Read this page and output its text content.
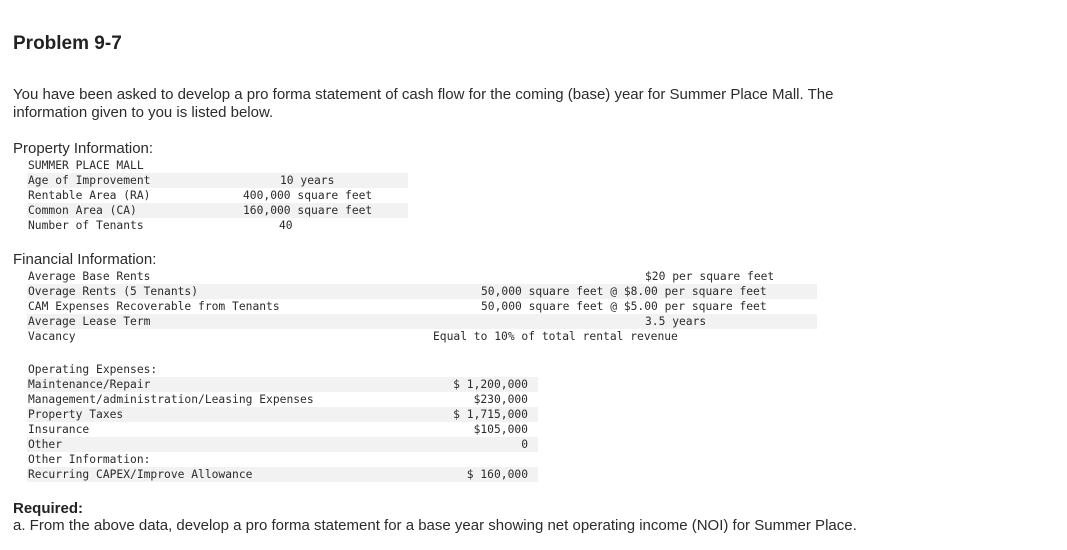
Problem 9-7
You have been asked to develop a pro forma statement of cash flow for the coming (base) year for Summer Place Mall. The information given to you is listed below.
Property Information:
SUMMER PLACE MALL
Age of Improvement	10 years
Rentable Area (RA)	400,000 square feet
Common Area (CA)	160,000 square feet
Number of Tenants	40
Financial Information:
Average Base Rents	$20 per square feet
Overage Rents (5 Tenants)	50,000 square feet @ $8.00 per square feet
CAM Expenses Recoverable from Tenants	50,000 square feet @ $5.00 per square feet
Average Lease Term	3.5 years
Vacancy	Equal to 10% of total rental revenue
Operating Expenses:
Maintenance/Repair	$ 1,200,000
Management/administration/Leasing Expenses	$230,000
Property Taxes	$ 1,715,000
Insurance	$105,000
Other	0
Other Information:
Recurring CAPEX/Improve Allowance	$ 160,000
Required:
a. From the above data, develop a pro forma statement for a base year showing net operating income (NOI) for Summer Place.
